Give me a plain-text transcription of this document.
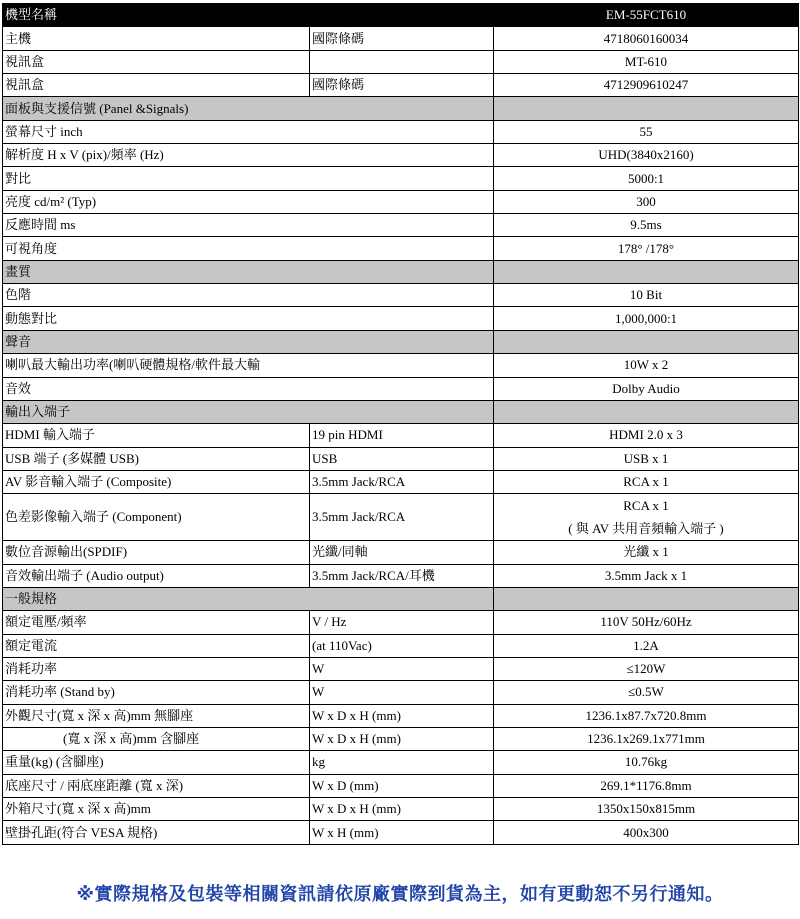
機型名稱		EM-55FCT610
主機	國際條碼	4718060160034
視訊盒		MT-610
視訊盒	國際條碼	4712909610247
面板與支援信號 (Panel &Signals)		
螢幕尺寸 inch		55
解析度 H x V (pix)/頻率 (Hz)		UHD(3840x2160)
對比		5000:1
亮度 cd/m² (Typ)		300
反應時間 ms		9.5ms
可視角度		178° /178°
畫質		
色階		10 Bit
動態對比		1,000,000:1
聲音		
喇叭最大輸出功率(喇叭硬體規格/軟件最大輸		10W x 2
音效		Dolby Audio
輸出入端子		
HDMI 輸入端子	19 pin HDMI	HDMI 2.0 x 3
USB 端子 (多媒體 USB)	USB	USB x 1
AV 影音輸入端子 (Composite)	3.5mm Jack/RCA	RCA x 1
色差影像輸入端子 (Component)	3.5mm Jack/RCA	RCA x 1
( 與 AV 共用音頻輸入端子 )

數位音源輸出(SPDIF)	光纖/同軸	光纖 x 1
音效輸出端子 (Audio output)	3.5mm Jack/RCA/耳機	3.5mm Jack x 1
一般規格		
額定電壓/頻率	V / Hz	110V 50Hz/60Hz
額定電流	(at 110Vac)	1.2A
消耗功率	W	≤120W
消耗功率 (Stand by)	W	≤0.5W
外觀尺寸(寬 x 深 x 高)mm 無腳座	W x D x H (mm)	1236.1x87.7x720.8mm
(寬 x 深 x 高)mm 含腳座	W x D x H (mm)	1236.1x269.1x771mm
重量(kg) (含腳座)	kg	10.76kg
底座尺寸 / 兩底座距離 (寬 x 深)	W x D (mm)	269.1*1176.8mm
外箱尺寸(寬 x 深 x 高)mm	W x D x H (mm)	1350x150x815mm
壁掛孔距(符合 VESA 規格)	W x H (mm)	400x300
※實際規格及包裝等相關資訊請依原廠實際到貨為主，如有更動恕不另行通知。
